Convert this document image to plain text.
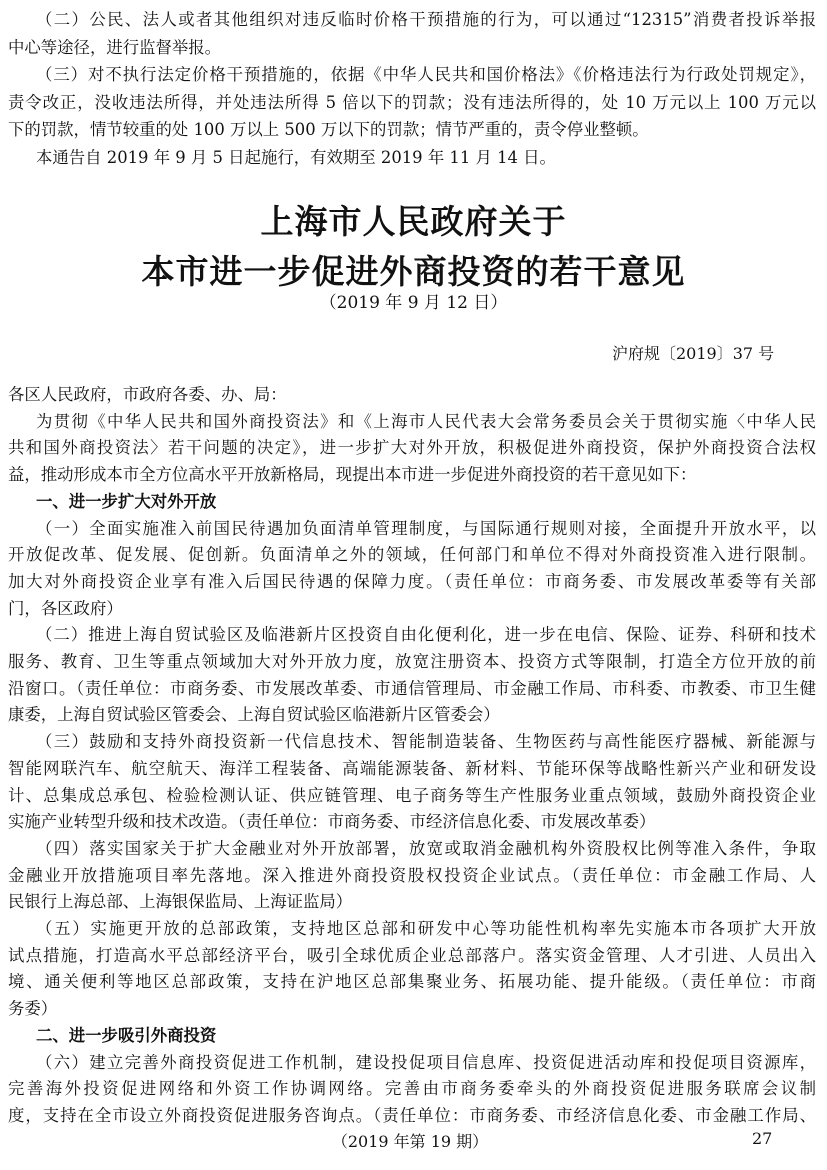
（二）公民、法人或者其他组织对违反临时价格干预措施的行为，可以通过“12315”消费者投诉举报
中心等途径，进行监督举报。
（三）对不执行法定价格干预措施的，依据《中华人民共和国价格法》《价格违法行为行政处罚规定》，
责令改正，没收违法所得，并处违法所得 5 倍以下的罚款；没有违法所得的，处 10 万元以上 100 万元以
下的罚款，情节较重的处 100 万以上 500 万以下的罚款；情节严重的，责令停业整顿。
本通告自 2019 年 9 月 5 日起施行，有效期至 2019 年 11 月 14 日。
上海市人民政府关于
本市进一步促进外商投资的若干意见
（2019 年 9 月 12 日）
沪府规〔2019〕37 号
各区人民政府，市政府各委、办、局：
为贯彻《中华人民共和国外商投资法》和《上海市人民代表大会常务委员会关于贯彻实施〈中华人民
共和国外商投资法〉若干问题的决定》，进一步扩大对外开放，积极促进外商投资，保护外商投资合法权
益，推动形成本市全方位高水平开放新格局，现提出本市进一步促进外商投资的若干意见如下：
一、进一步扩大对外开放
（一）全面实施准入前国民待遇加负面清单管理制度，与国际通行规则对接，全面提升开放水平，以
开放促改革、促发展、促创新。负面清单之外的领域，任何部门和单位不得对外商投资准入进行限制。
加大对外商投资企业享有准入后国民待遇的保障力度。（责任单位：市商务委、市发展改革委等有关部
门，各区政府）
（二）推进上海自贸试验区及临港新片区投资自由化便利化，进一步在电信、保险、证券、科研和技术
服务、教育、卫生等重点领域加大对外开放力度，放宽注册资本、投资方式等限制，打造全方位开放的前
沿窗口。（责任单位：市商务委、市发展改革委、市通信管理局、市金融工作局、市科委、市教委、市卫生健
康委，上海自贸试验区管委会、上海自贸试验区临港新片区管委会）
（三）鼓励和支持外商投资新一代信息技术、智能制造装备、生物医药与高性能医疗器械、新能源与
智能网联汽车、航空航天、海洋工程装备、高端能源装备、新材料、节能环保等战略性新兴产业和研发设
计、总集成总承包、检验检测认证、供应链管理、电子商务等生产性服务业重点领域，鼓励外商投资企业
实施产业转型升级和技术改造。（责任单位：市商务委、市经济信息化委、市发展改革委）
（四）落实国家关于扩大金融业对外开放部署，放宽或取消金融机构外资股权比例等准入条件，争取
金融业开放措施项目率先落地。深入推进外商投资股权投资企业试点。（责任单位：市金融工作局、人
民银行上海总部、上海银保监局、上海证监局）
（五）实施更开放的总部政策，支持地区总部和研发中心等功能性机构率先实施本市各项扩大开放
试点措施，打造高水平总部经济平台，吸引全球优质企业总部落户。落实资金管理、人才引进、人员出入
境、通关便利等地区总部政策，支持在沪地区总部集聚业务、拓展功能、提升能级。（责任单位：市商
务委）
二、进一步吸引外商投资
（六）建立完善外商投资促进工作机制，建设投促项目信息库、投资促进活动库和投促项目资源库，
完善海外投资促进网络和外资工作协调网络。完善由市商务委牵头的外商投资促进服务联席会议制
度，支持在全市设立外商投资促进服务咨询点。（责任单位：市商务委、市经济信息化委、市金融工作局、
（2019 年第 19 期）	27
